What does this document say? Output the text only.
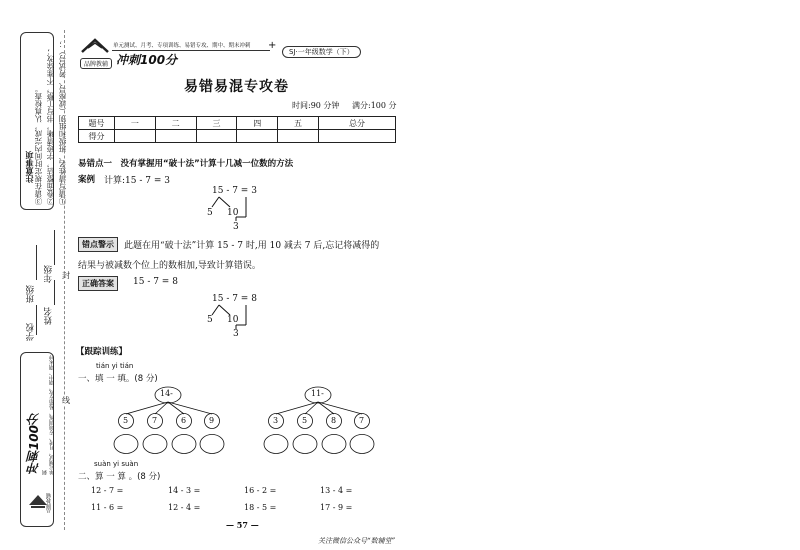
注意事项	①请写清姓名、班级和组别（或座号、考试号）；
②卷面整洁，字迹清晰，书写工整，不准涂改；
③请在规定时间内完成，认真检查。
年级
姓名
学校
班级
冲刺100分	单元测试、月考、专项训练、易错专攻、期中、期末冲刺
品牌教辅
封
线
品牌教辅
单元测试、月考、专项训练、易错专攻、期中、期末冲刺
冲刺100分
+
SJ·一年级数学（下）
易错易混专攻卷
时间:90 分钟 满分:100 分
题号	一	二	三	四	五	总分
得分						
易错点一　没有掌握用“破十法”计算十几减一位数的方法
案例 计算:15 - 7 = 3
15 - 7 = 3
5 10
3
错点警示	此题在用“破十法”计算 15 - 7 时,用 10 减去 7 后,忘记将减得的
结果与被减数个位上的数相加,导致计算错误。
正确答案	15 - 7 = 8
15 - 7 = 8
5 10
3
【跟踪训练】
tián yi tián
一、填 一 填。(8 分)
14-
5	7	6	9
11-
3	5	8	7
suàn yi suàn
二、算 一 算 。(8 分)
12 - 7 =	14 - 3 =	16 - 2 =	13 - 4 =
11 - 6 =	12 - 4 =	18 - 5 =	17 - 9 =
— 57 —
关注微信公众号“数辅堂”
